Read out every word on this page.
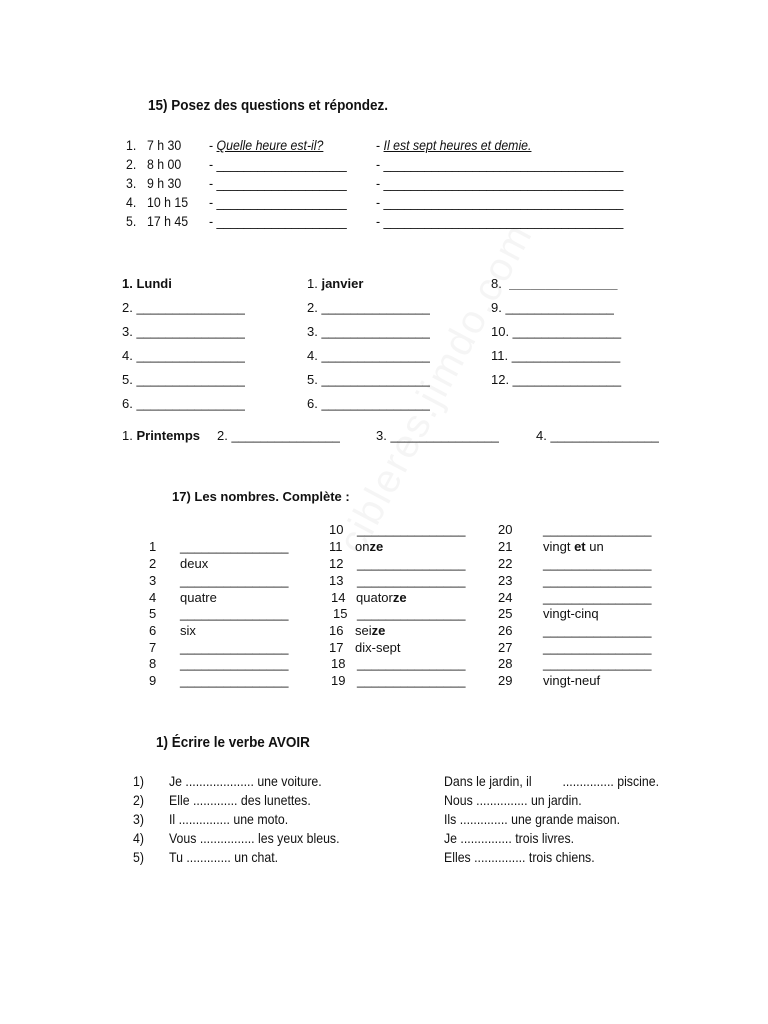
15) Posez des questions et répondez.
1. 7 h 30 - Quelle heure est-il?	- Il est sept heures et demie.
2. 8 h 00 - ___________________ - ___________________________________
3. 9 h 30 - ___________________ - ___________________________________
4. 10 h 15 - ___________________ - ___________________________________
5. 17 h 45 - ___________________ - ___________________________________
1. Lundi
2. _______________
3. _______________
4. _______________
5. _______________
6. _______________
1. janvier
2. _______________
3. _______________
4. _______________
5. _______________
6. _______________
8.  _______________
9. _______________
10. _______________
11. _______________
12. _______________
1. Printemps 2. _______________	3. _______________	4. _______________
17) Les nombres. Complète :
1 _______________
2 deux
3 _______________
4 quatre
5 _______________
6 six
7 _______________
8 _______________
9 _______________
10 _______________
11 onze
12 _______________
13 _______________
14 quatorze
15 _______________
16 seize
17 dix-sept
18 _______________
19 _______________
20 _______________
21 vingt et un
22 _______________
23 _______________
24 _______________
25 vingt-cinq
26 _______________
27 _______________
28 _______________
29 vingt-neuf
1) Écrire le verbe AVOIR
1) Je .................... une voiture.	Dans le jardin, il         ............... piscine.
2) Elle ............. des lunettes.	Nous ............... un jardin.
3) Il ............... une moto.	Ils .............. une grande maison.
4) Vous ................ les yeux bleus.	Je ............... trois livres.
5) Tu ............. un chat.	Elles ............... trois chiens.
